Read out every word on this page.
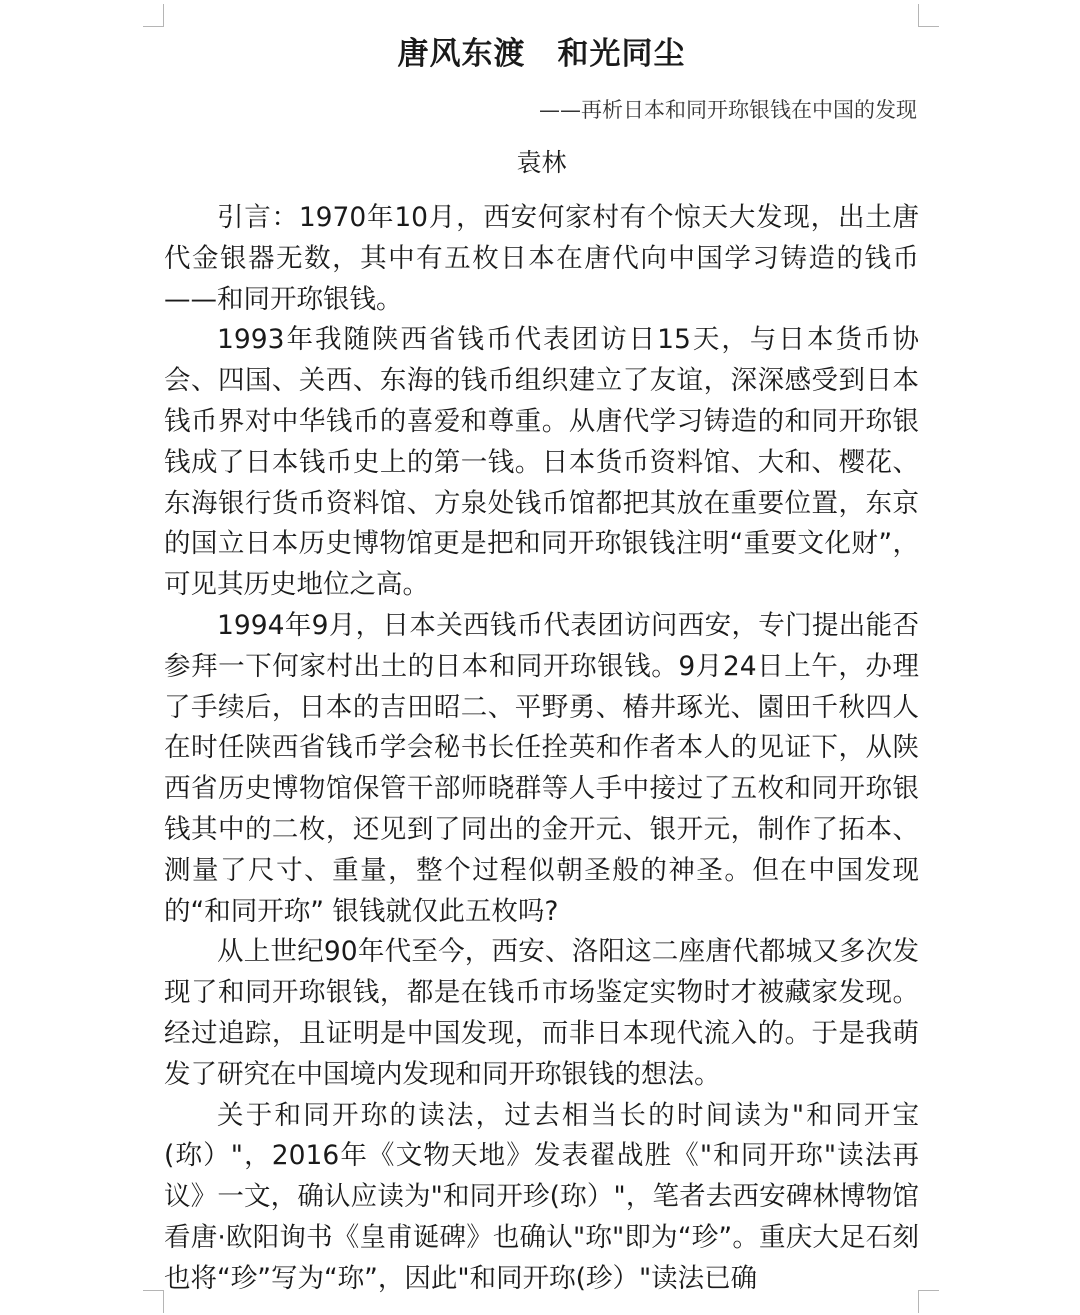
唐风东渡　和光同尘
——再析日本和同开珎银钱在中国的发现
袁林

引言：1970年10月，西安何家村有个惊天大发现，出土唐代金银器无数，其中有五枚日本在唐代向中国学习铸造的钱币——和同开珎银钱。

1993年我随陕西省钱币代表团访日15天，与日本货币协会、四国、关西、东海的钱币组织建立了友谊，深深感受到日本钱币界对中华钱币的喜爱和尊重。从唐代学习铸造的和同开珎银钱成了日本钱币史上的第一钱。日本货币资料馆、大和、樱花、东海银行货币资料馆、方泉处钱币馆都把其放在重要位置，东京的国立日本历史博物馆更是把和同开珎银钱注明“重要文化财”，可见其历史地位之高。

1994年9月，日本关西钱币代表团访问西安，专门提出能否参拜一下何家村出土的日本和同开珎银钱。9月24日上午，办理了手续后，日本的吉田昭二、平野勇、椿井琢光、園田千秋四人在时任陕西省钱币学会秘书长任拴英和作者本人的见证下，从陕西省历史博物馆保管干部师晓群等人手中接过了五枚和同开珎银钱其中的二枚，还见到了同出的金开元、银开元，制作了拓本、测量了尺寸、重量，整个过程似朝圣般的神圣。但在中国发现的“和同开珎” 银钱就仅此五枚吗?

从上世纪90年代至今，西安、洛阳这二座唐代都城又多次发现了和同开珎银钱，都是在钱币市场鉴定实物时才被藏家发现。经过追踪，且证明是中国发现，而非日本现代流入的。于是我萌发了研究在中国境内发现和同开珎银钱的想法。

关于和同开珎的读法，过去相当长的时间读为"和同开宝(珎）"，2016年《文物天地》发表翟战胜《"和同开珎"读法再议》一文，确认应读为"和同开珍(珎）"，笔者去西安碑林博物馆看唐·欧阳询书《皇甫诞碑》也确认"珎"即为“珍”。重庆大足石刻也将“珍”写为“珎”，因此"和同开珎(珍）"读法已确
